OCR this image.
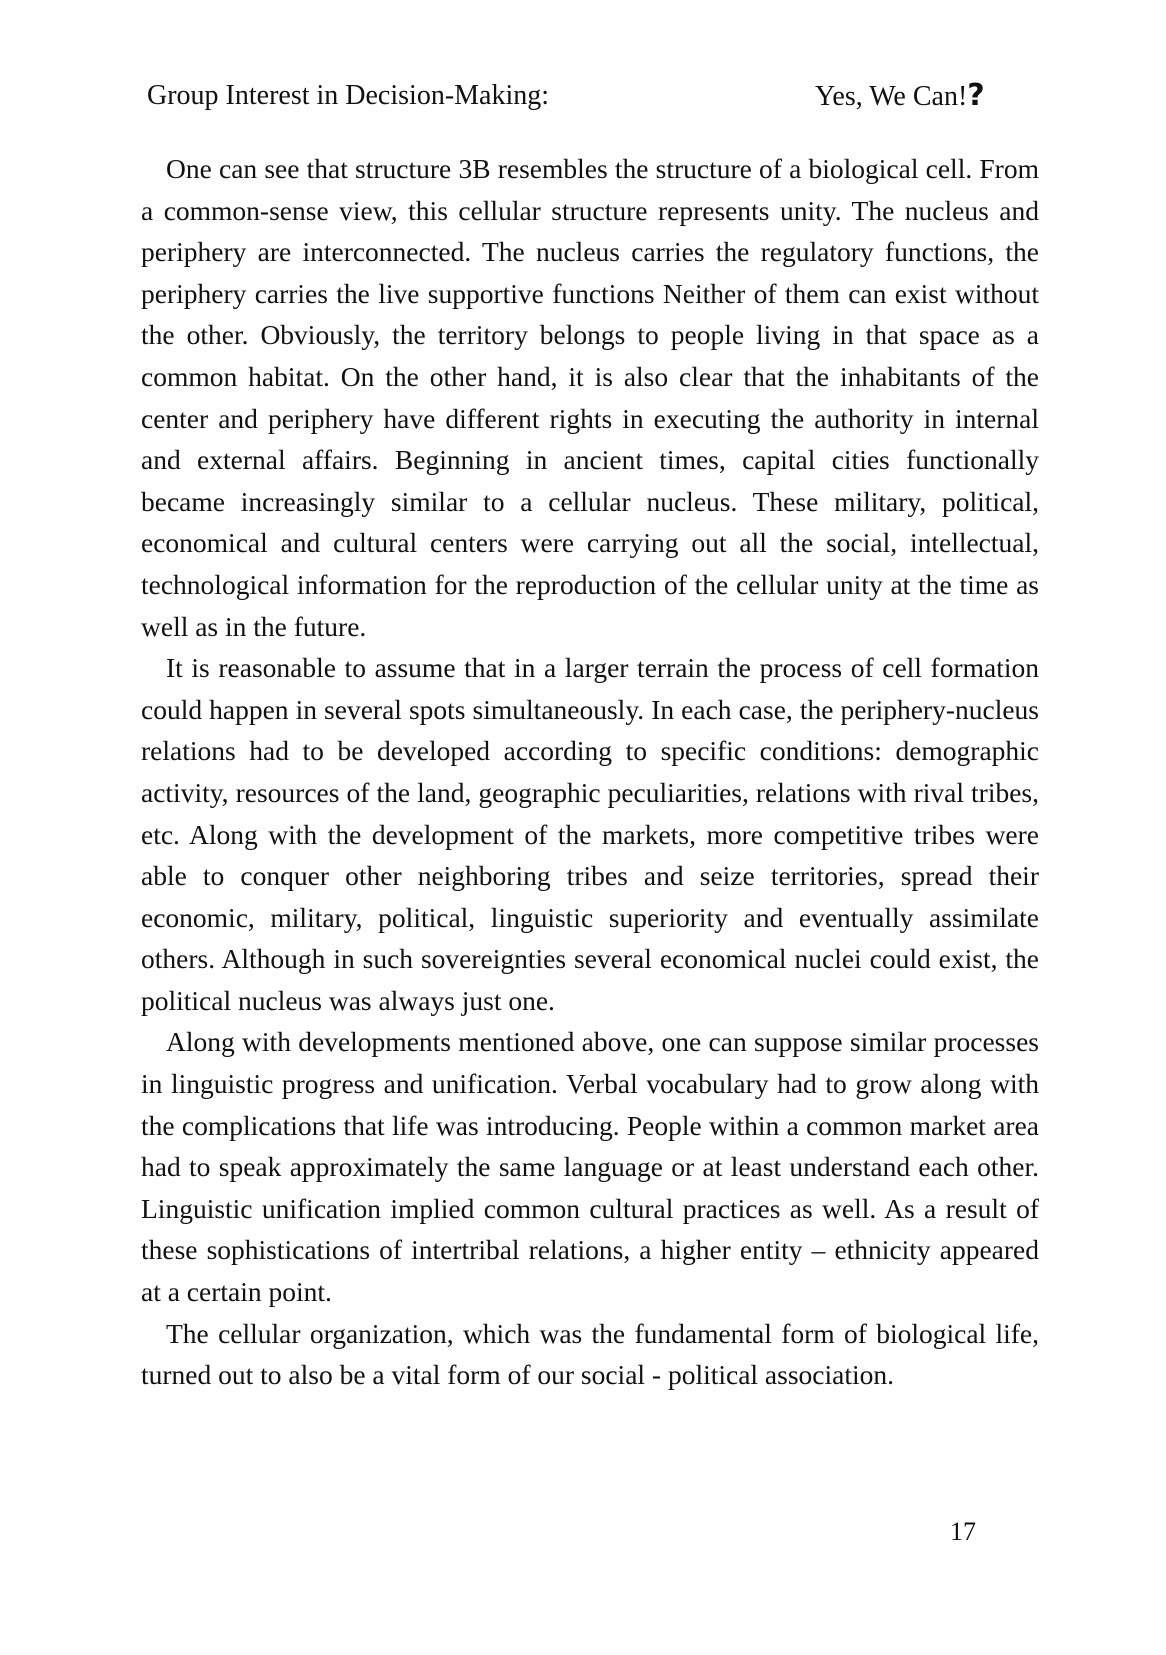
Group Interest in Decision-Making:	Yes, We Can!?

One can see that structure 3B resembles the structure of a biological cell. From a common-sense view, this cellular structure represents unity. The nucleus and periphery are interconnected. The nucleus carries the regulatory functions, the periphery carries the live supportive functions Neither of them can exist without the other. Obviously, the territory belongs to people living in that space as a common habitat. On the other hand, it is also clear that the inhabitants of the center and periphery have different rights in executing the authority in internal and external affairs. Beginning in ancient times, capital cities functionally became increasingly similar to a cellular nucleus. These military, political, economical and cultural centers were carrying out all the social, intellectual, technological information for the reproduction of the cellular unity at the time as well as in the future.

It is reasonable to assume that in a larger terrain the process of cell formation could happen in several spots simultaneously. In each case, the periphery-nucleus relations had to be developed according to specific conditions: demographic activity, resources of the land, geographic peculiarities, relations with rival tribes, etc. Along with the development of the markets, more competitive tribes were able to conquer other neighboring tribes and seize territories, spread their economic, military, political, linguistic superiority and eventually assimilate others. Although in such sovereignties several economical nuclei could exist, the political nucleus was always just one.

Along with developments mentioned above, one can suppose similar processes in linguistic progress and unification. Verbal vocabulary had to grow along with the complications that life was introducing. People within a common market area had to speak approximately the same language or at least understand each other. Linguistic unification implied common cultural practices as well. As a result of these sophistications of intertribal relations, a higher entity – ethnicity appeared at a certain point.

The cellular organization, which was the fundamental form of biological life, turned out to also be a vital form of our social - political association.

17
